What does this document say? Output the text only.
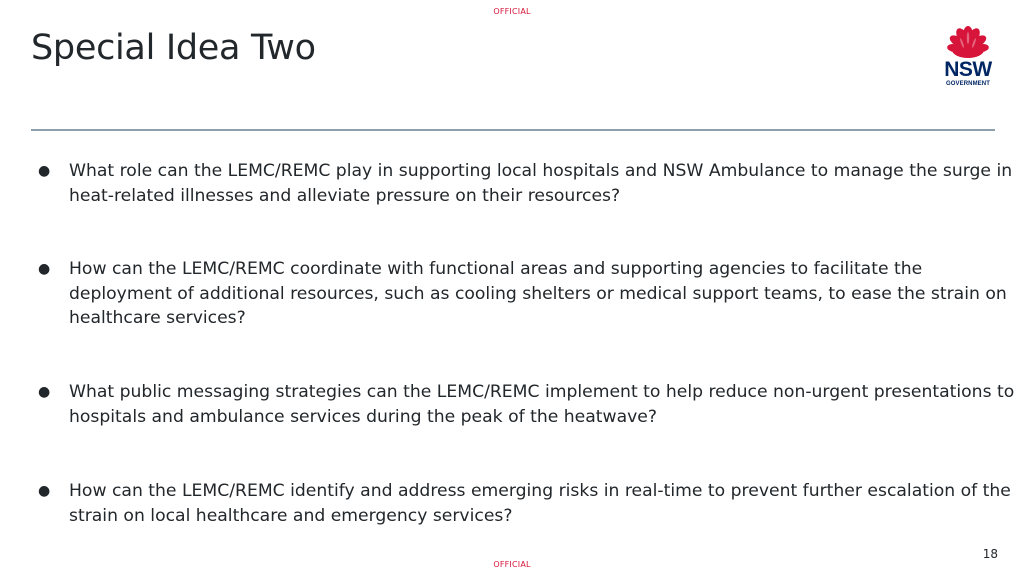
OFFICIAL
Special Idea Two
NSW
GOVERNMENT
● What role can the LEMC/REMC play in supporting local hospitals and NSW Ambulance to manage the surge in heat-related illnesses and alleviate pressure on their resources?
● How can the LEMC/REMC coordinate with functional areas and supporting agencies to facilitate the deployment of additional resources, such as cooling shelters or medical support teams, to ease the strain on healthcare services?
● What public messaging strategies can the LEMC/REMC implement to help reduce non-urgent presentations to hospitals and ambulance services during the peak of the heatwave?
● How can the LEMC/REMC identify and address emerging risks in real-time to prevent further escalation of the strain on local healthcare and emergency services?
18
OFFICIAL
